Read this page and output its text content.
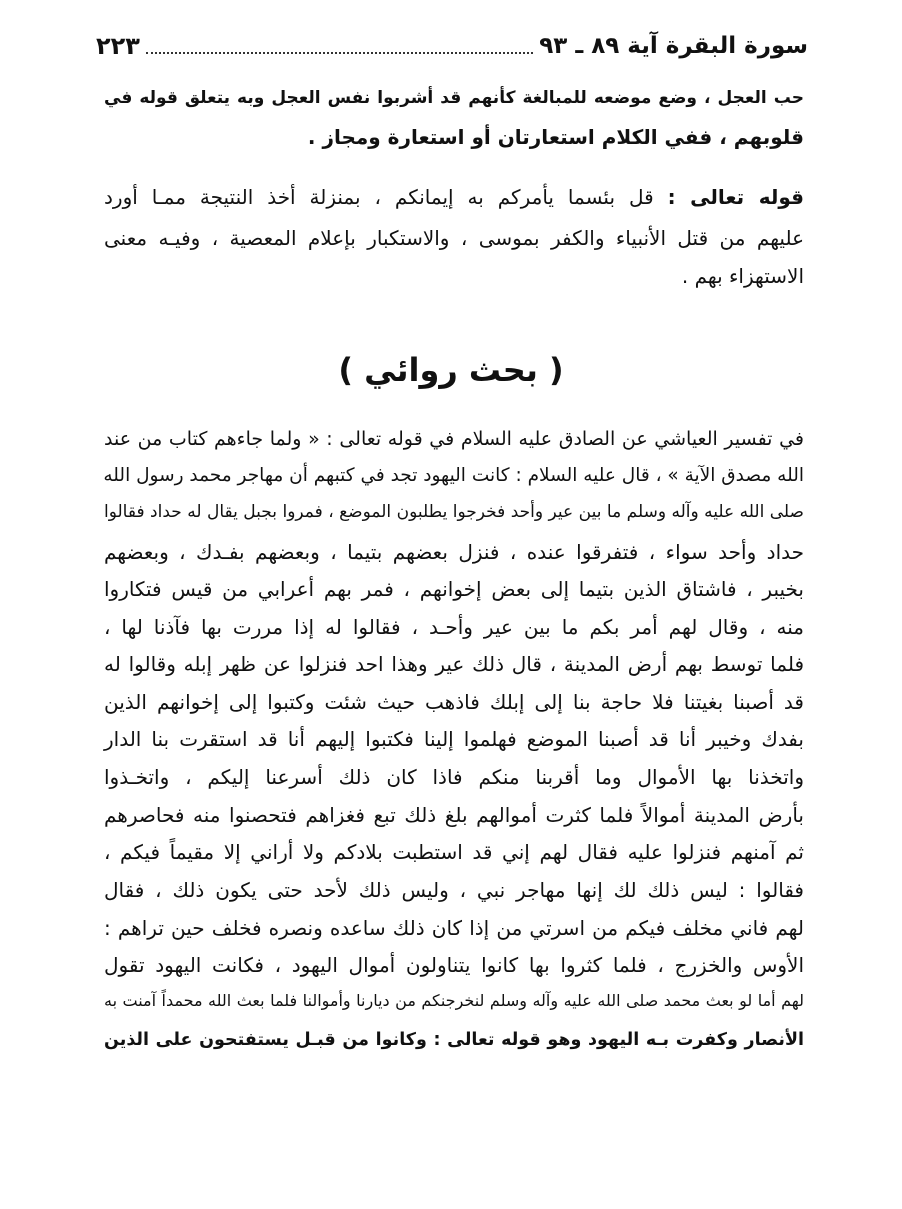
سورة البقرة آية ٨٩ ـ ٩٣
٢٢٣
حب العجل ، وضع موضعه للمبالغة كأنهم قد أشربوا نفس العجل وبه يتعلق قوله في
قلوبهم ، ففي الكلام استعارتان أو استعارة ومجاز .
قوله تعالى : قل بئسما يأمركم به إيمانكم ، بمنزلة أخذ النتيجة ممـا أورد
عليهم من قتل الأنبياء والكفر بموسى ، والاستكبار بإعلام المعصية ، وفيـه معنى
الاستهزاء بهم .
( بحث روائي )
في تفسير العياشي عن الصادق عليه السلام في قوله تعالى : « ولما جاءهم كتاب من عند
الله مصدق الآية » ، قال عليه السلام : كانت اليهود تجد في كتبهم أن مهاجر محمد رسول الله
صلى الله عليه وآله وسلم ما بين عير وأحد فخرجوا يطلبون الموضع ، فمروا بجبل يقال له حداد فقالوا
حداد وأحد سواء ، فتفرقوا عنده ، فنزل بعضهم بتيما ، وبعضهم بفـدك ، وبعضهم
بخيبر ، فاشتاق الذين بتيما إلى بعض إخوانهم ، فمر بهم أعرابي من قيس فتكاروا
منه ، وقال لهم أمر بكم ما بين عير وأحـد ، فقالوا له إذا مررت بها فآذنا لها ،
فلما توسط بهم أرض المدينة ، قال ذلك عير وهذا احد فنزلوا عن ظهر إبله وقالوا له
قد أصبنا بغيتنا فلا حاجة بنا إلى إبلك فاذهب حيث شئت وكتبوا إلى إخوانهم الذين
بفدك وخيبر أنا قد أصبنا الموضع فهلموا إلينا فكتبوا إليهم أنا قد استقرت بنا الدار
واتخذنا بها الأموال وما أقربنا منكم فاذا كان ذلك أسرعنا إليكم ، واتخـذوا
بأرض المدينة أموالاً فلما كثرت أموالهم بلغ ذلك تبع فغزاهم فتحصنوا منه فحاصرهم
ثم آمنهم فنزلوا عليه فقال لهم إني قد استطبت بلادكم ولا أراني إلا مقيماً فيكم ،
فقالوا : ليس ذلك لك إنها مهاجر نبي ، وليس ذلك لأحد حتى يكون ذلك ، فقال
لهم فاني مخلف فيكم من اسرتي من إذا كان ذلك ساعده ونصره فخلف حين تراهم :
الأوس والخزرج ، فلما كثروا بها كانوا يتناولون أموال اليهود ، فكانت اليهود تقول
لهم أما لو بعث محمد صلى الله عليه وآله وسلم لنخرجنكم من ديارنا وأموالنا فلما بعث الله محمداً آمنت به
الأنصار وكفرت بـه اليهود وهو قوله تعالى : وكانوا من قبـل يستفتحون على الذين
